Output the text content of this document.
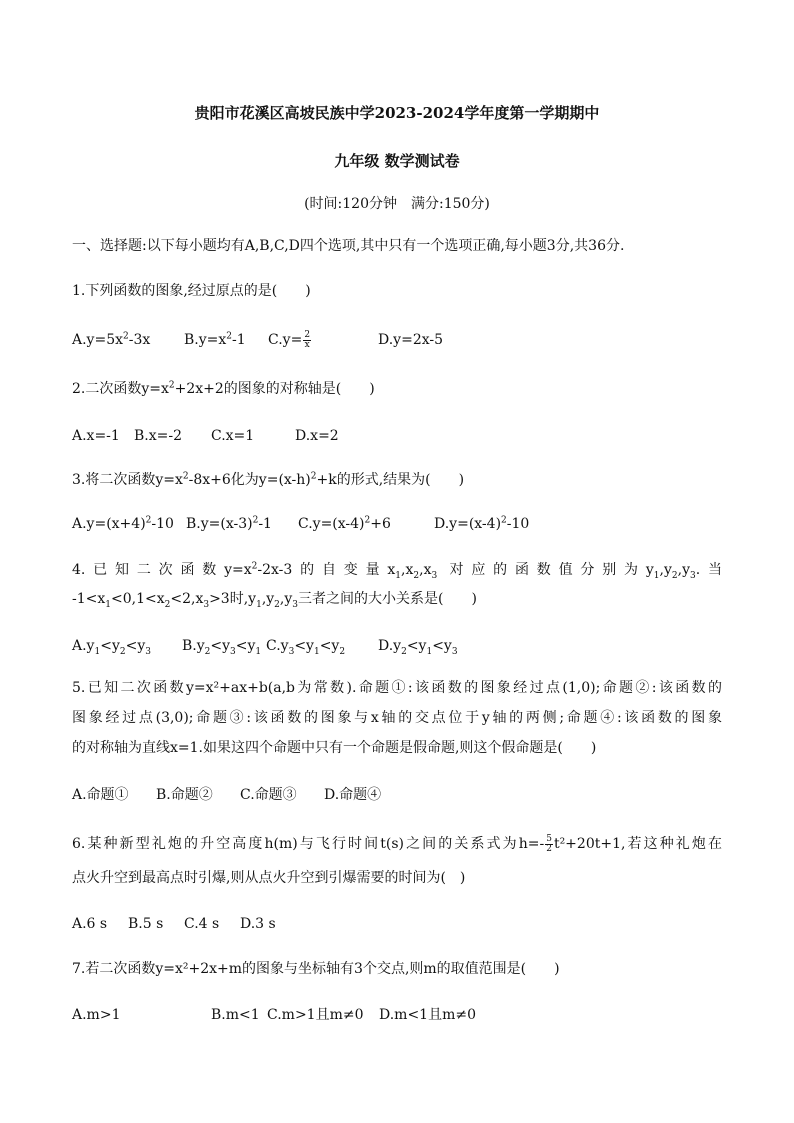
贵阳市花溪区高坡民族中学2023-2024学年度第一学期期中
九年级 数学测试卷
(时间:120分钟　满分:150分)
一、选择题:以下每小题均有A,B,C,D四个选项,其中只有一个选项正确,每小题3分,共36分.
1.下列函数的图象,经过原点的是(　　)
$A.y=5x^2-3x$ $B.y=x^2-1$ $C.y= \frac{2}{x}$	D.y=2x-5
2.二次函数$y=x^2+2x+2$的图象的对称轴是(　　)
A.x=-1 B.x=-2 C.x=1	D.x=2
3.将二次函数$y=x^2-8x+6$化为$y=(x-h)^2+k$的形式,结果为(　　)
$A.y=(x+4)^2-10$ $B.y=(x-3)^2-1$ $C.y=(x-4)^2+6$	$D.y=(x-4)^2-10$
4.已知二次函数$y=x^2-2x-3$的自变量$x_1,x_2,x_3$ 对应的函数值分别为$y_1,y_2,y_3$.当
$-1<x_1<0,1<x_2<2,x_3>3$时$,y_1,y_2,y_3$三者之间的大小关系是(　　)
$A.y_1<y_2<y_3$ $B.y_2<y_3<y_1$ $C.y_3<y_1<y_2$ $D.y_2<y_1<y_3$
5.已知二次函数y=x²+ax+b(a,b为常数).命题①:该函数的图象经过点(1,0);命题②:该函数的
图象经过点(3,0);命题③:该函数的图象与x轴的交点位于y轴的两侧;命题④:该函数的图象
的对称轴为直线x=1.如果这四个命题中只有一个命题是假命题,则这个假命题是(　　)
A.命题① B.命题② C.命题③ D.命题④
6.某种新型礼炮的升空高度h(m)与飞行时间t(s)之间的关系式为$h=- \frac{5}{2} t^2+20t+1$,若这种礼炮在
点火升空到最高点时引爆,则从点火升空到引爆需要的时间为(　)
A.6 s B.5 s C.4 s D.3 s
7.若二次函数y=x²+2x+m的图象与坐标轴有3个交点,则m的取值范围是(　　)
A.m>1	B.m<1 C.m>1且m≠0 D.m<1且m≠0
